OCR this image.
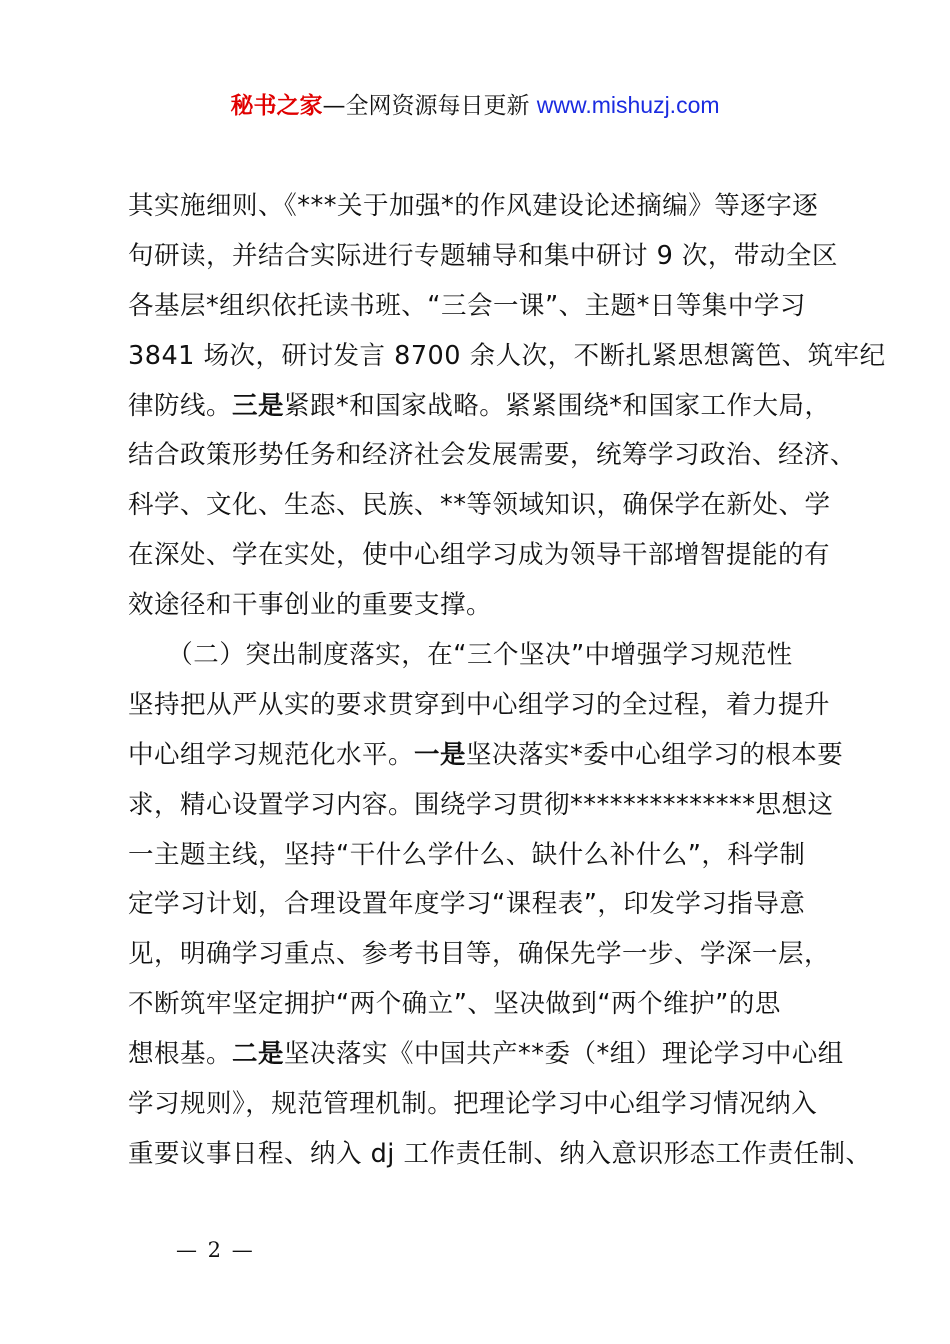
秘书之家—全网资源每日更新 www.mishuzj.com
其实施细则、《***关于加强*的作风建设论述摘编》等逐字逐
句研读，并结合实际进行专题辅导和集中研讨 9 次，带动全区
各基层*组织依托读书班、“三会一课”、主题*日等集中学习
3841 场次，研讨发言 8700 余人次，不断扎紧思想篱笆、筑牢纪
律防线。三是紧跟*和国家战略。紧紧围绕*和国家工作大局，
结合政策形势任务和经济社会发展需要，统筹学习政治、经济、
科学、文化、生态、民族、**等领域知识，确保学在新处、学
在深处、学在实处，使中心组学习成为领导干部增智提能的有
效途径和干事创业的重要支撑。
　　（二）突出制度落实，在“三个坚决”中增强学习规范性
坚持把从严从实的要求贯穿到中心组学习的全过程，着力提升
中心组学习规范化水平。一是坚决落实*委中心组学习的根本要
求，精心设置学习内容。围绕学习贯彻**************思想这
一主题主线，坚持“干什么学什么、缺什么补什么”，科学制
定学习计划，合理设置年度学习“课程表”，印发学习指导意
见，明确学习重点、参考书目等，确保先学一步、学深一层，
不断筑牢坚定拥护“两个确立”、坚决做到“两个维护”的思
想根基。二是坚决落实《中国共产**委（*组）理论学习中心组
学习规则》，规范管理机制。把理论学习中心组学习情况纳入
重要议事日程、纳入 dj 工作责任制、纳入意识形态工作责任制、
— 2 —
